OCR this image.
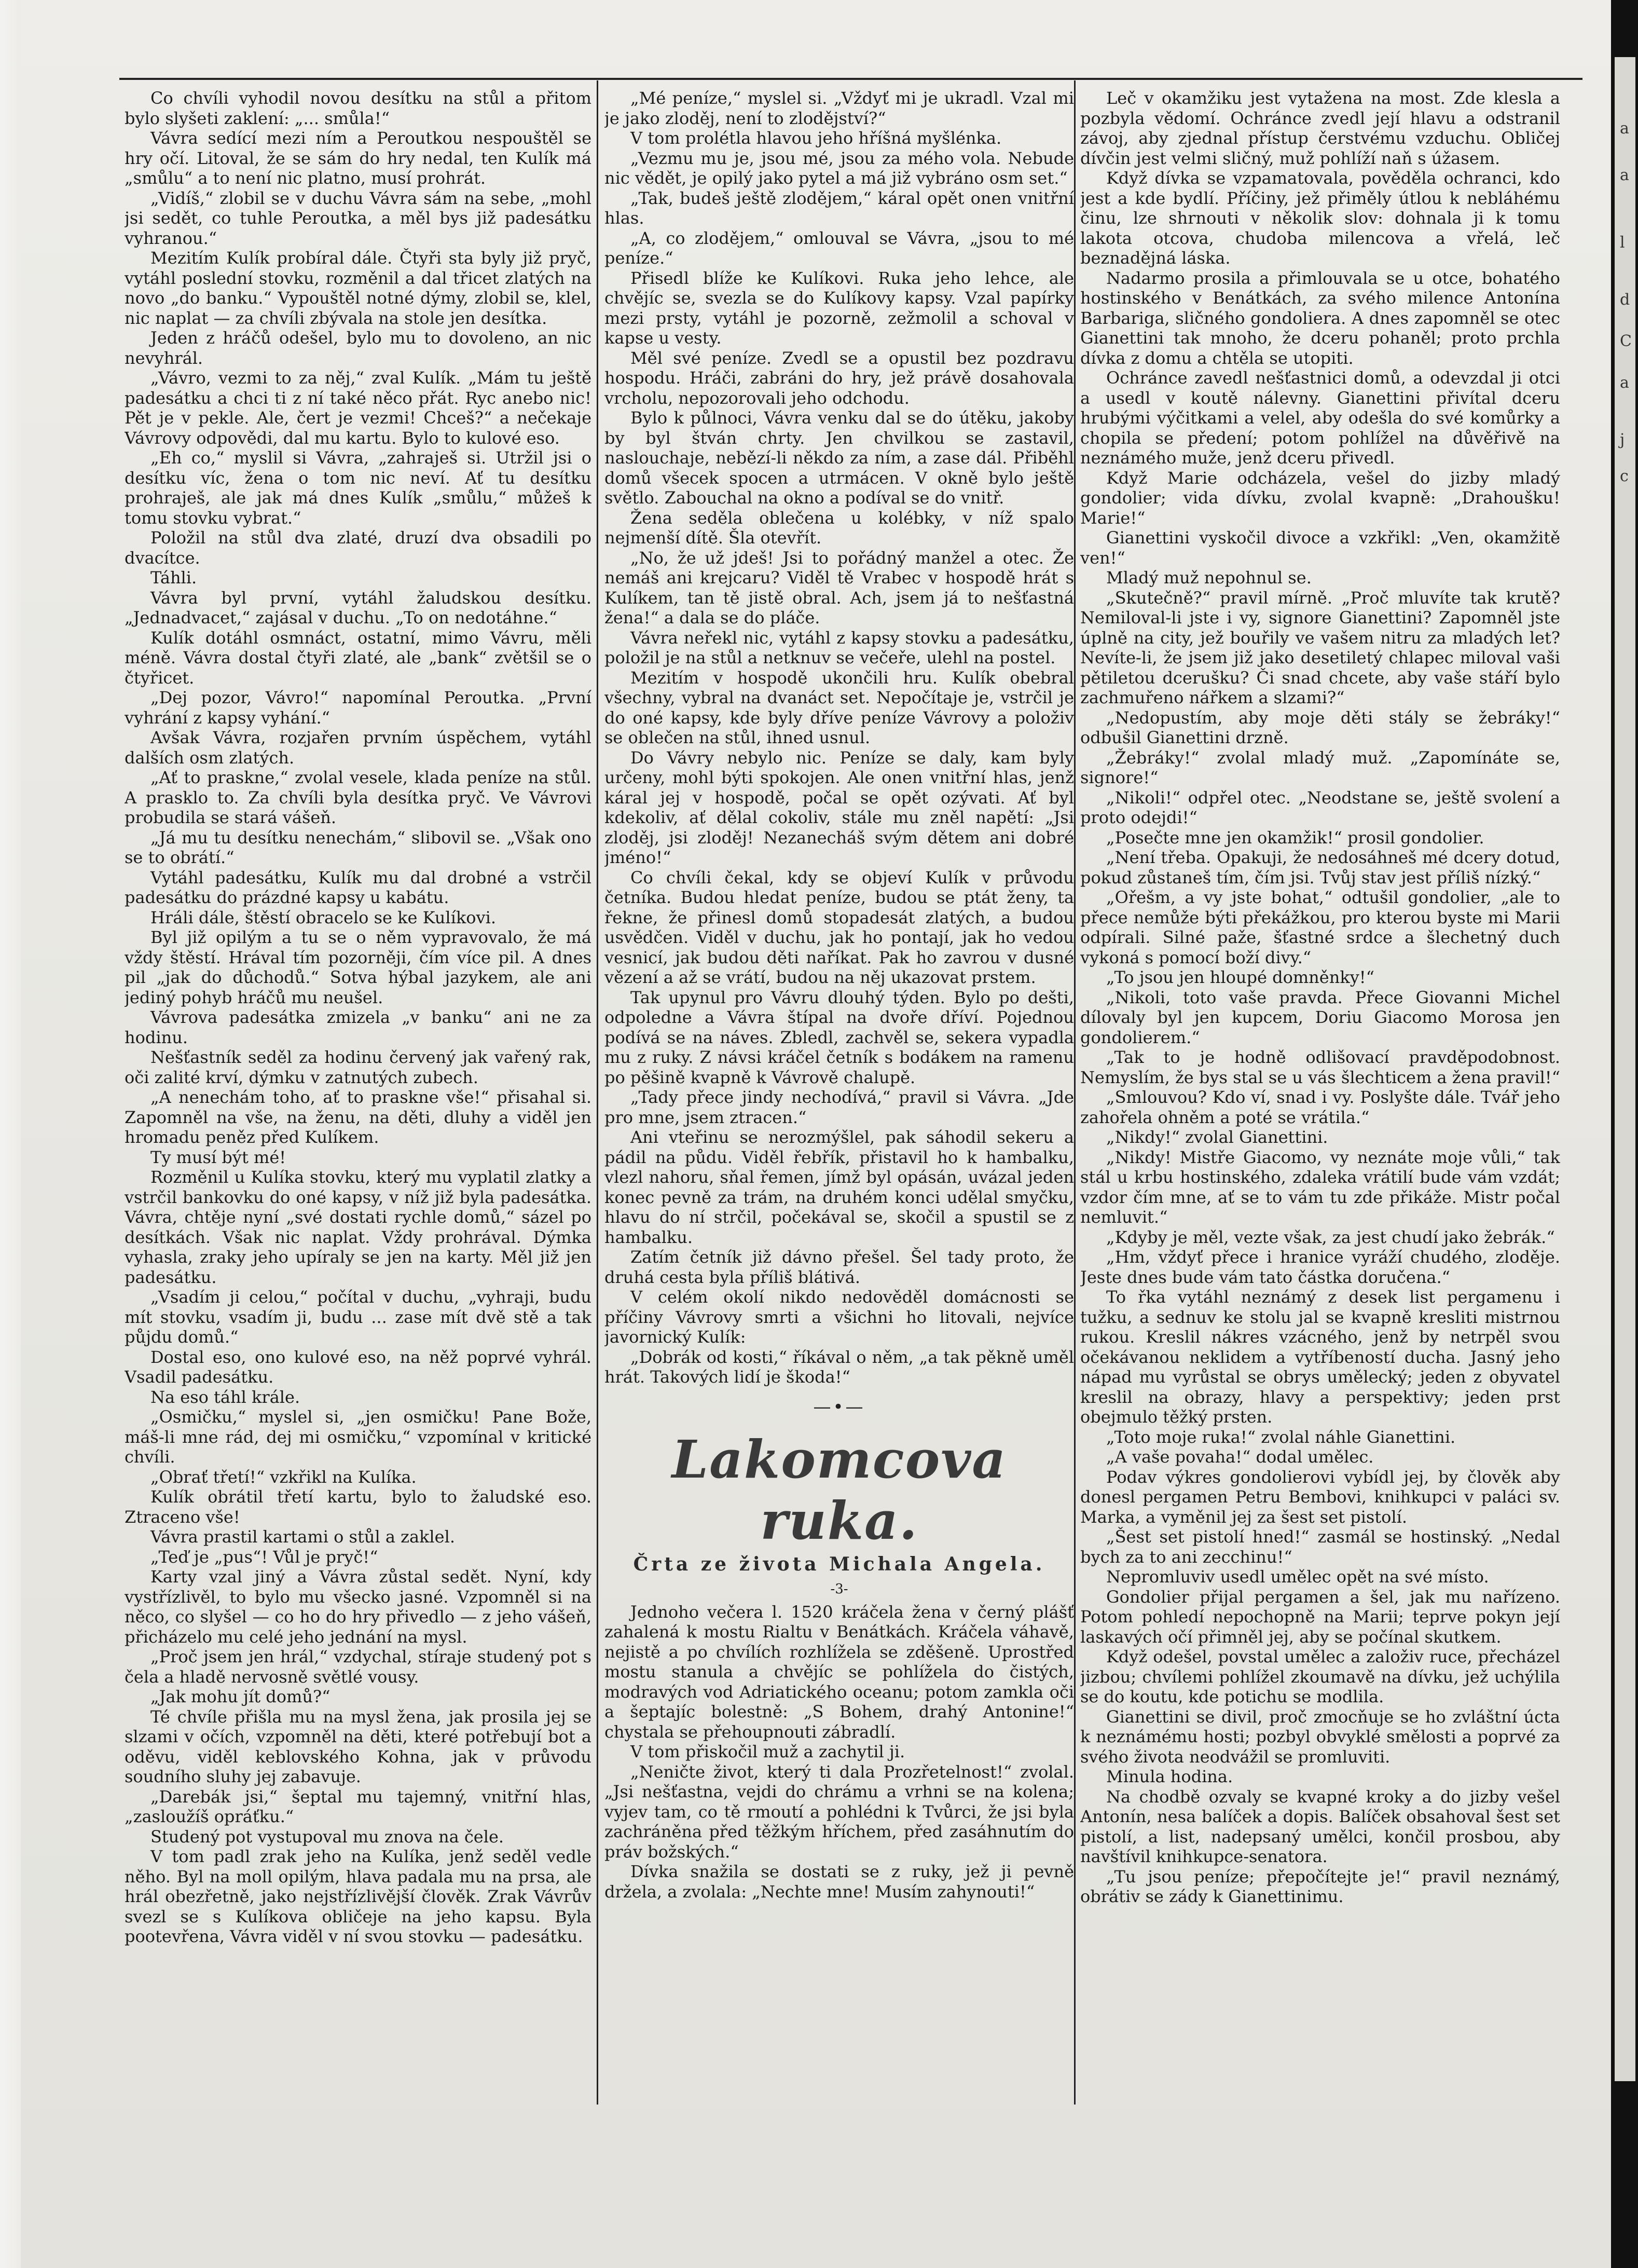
Co chvíli vyhodil novou desítku na stůl a přitom bylo slyšeti zaklení: „... smůla!“

Vávra sedící mezi ním a Peroutkou nespouštěl se hry očí. Litoval, že se sám do hry nedal, ten Kulík má „smůlu“ a to není nic platno, musí prohrát.

„Vidíš,“ zlobil se v duchu Vávra sám na sebe, „mohl jsi sedět, co tuhle Peroutka, a měl bys již padesátku vyhranou.“

Mezitím Kulík probíral dále. Čtyři sta byly již pryč, vytáhl poslední stovku, rozměnil a dal třicet zlatých na novo „do banku.“ Vypouštěl notné dýmy, zlobil se, klel, nic naplat — za chvíli zbývala na stole jen desítka.

Jeden z hráčů odešel, bylo mu to dovoleno, an nic nevyhrál.

„Vávro, vezmi to za něj,“ zval Kulík. „Mám tu ještě padesátku a chci ti z ní také něco přát. Ryc anebo nic! Pět je v pekle. Ale, čert je vezmi! Chceš?“ a nečekaje Vávrovy odpovědi, dal mu kartu. Bylo to kulové eso.

„Eh co,“ myslil si Vávra, „zahraješ si. Utržil jsi o desítku víc, žena o tom nic neví. Ať tu desítku prohraješ, ale jak má dnes Kulík „smůlu,“ můžeš k tomu stovku vybrat.“

Položil na stůl dva zlaté, druzí dva obsadili po dvacítce.

Táhli.

Vávra byl první, vytáhl žaludskou desítku. „Jednadvacet,“ zajásal v duchu. „To on nedotáhne.“

Kulík dotáhl osmnáct, ostatní, mimo Vávru, měli méně. Vávra dostal čtyři zlaté, ale „bank“ zvětšil se o čtyřicet.

„Dej pozor, Vávro!“ napomínal Peroutka. „První vyhrání z kapsy vyhání.“

Avšak Vávra, rozjařen prvním úspěchem, vytáhl dalších osm zlatých.

„Ať to praskne,“ zvolal vesele, klada peníze na stůl. A prasklo to. Za chvíli byla desítka pryč. Ve Vávrovi probudila se stará vášeň.

„Já mu tu desítku nenechám,“ slibovil se. „Však ono se to obrátí.“

Vytáhl padesátku, Kulík mu dal drobné a vstrčil padesátku do prázdné kapsy u kabátu.

Hráli dále, štěstí obracelo se ke Kulíkovi.

Byl již opilým a tu se o něm vypravovalo, že má vždy štěstí. Hrával tím pozorněji, čím více pil. A dnes pil „jak do důchodů.“ Sotva hýbal jazykem, ale ani jediný pohyb hráčů mu neušel.

Vávrova padesátka zmizela „v banku“ ani ne za hodinu.

Nešťastník seděl za hodinu červený jak vařený rak, oči zalité krví, dýmku v zatnutých zubech.

„A nenechám toho, ať to praskne vše!“ přisahal si. Zapomněl na vše, na ženu, na děti, dluhy a viděl jen hromadu peněz před Kulíkem.

Ty musí být mé!

Rozměnil u Kulíka stovku, který mu vyplatil zlatky a vstrčil bankovku do oné kapsy, v níž již byla padesátka. Vávra, chtěje nyní „své dostati rychle domů,“ sázel po desítkách. Však nic naplat. Vždy prohrával. Dýmka vyhasla, zraky jeho upíraly se jen na karty. Měl již jen padesátku.

„Vsadím ji celou,“ počítal v duchu, „vyhraji, budu mít stovku, vsadím ji, budu ... zase mít dvě stě a tak půjdu domů.“

Dostal eso, ono kulové eso, na něž poprvé vyhrál. Vsadil padesátku.

Na eso táhl krále.

„Osmičku,“ myslel si, „jen osmičku! Pane Bože, máš-li mne rád, dej mi osmičku,“ vzpomínal v kritické chvíli.

„Obrať třetí!“ vzkřikl na Kulíka.

Kulík obrátil třetí kartu, bylo to žaludské eso. Ztraceno vše!

Vávra prastil kartami o stůl a zaklel.

„Teď je „pus“! Vůl je pryč!“

Karty vzal jiný a Vávra zůstal sedět. Nyní, kdy vystřízlivěl, to bylo mu všecko jasné. Vzpomněl si na něco, co slyšel — co ho do hry přivedlo — z jeho vášeň, přicházelo mu celé jeho jednání na mysl.

„Proč jsem jen hrál,“ vzdychal, stíraje studený pot s čela a hladě nervosně světlé vousy.

„Jak mohu jít domů?“

Té chvíle přišla mu na mysl žena, jak prosila jej se slzami v očích, vzpomněl na děti, které potřebují bot a oděvu, viděl keblovského Kohna, jak v průvodu soudního sluhy jej zabavuje.

„Darebák jsi,“ šeptal mu tajemný, vnitřní hlas, „zasloužíš opráťku.“

Studený pot vystupoval mu znova na čele.

V tom padl zrak jeho na Kulíka, jenž seděl vedle něho. Byl na moll opilým, hlava padala mu na prsa, ale hrál obezřetně, jako nejstřízlivější člověk. Zrak Vávrův svezl se s Kulíkova obličeje na jeho kapsu. Byla pootevřena, Vávra viděl v ní svou stovku — padesátku.

„Mé peníze,“ myslel si. „Vždyť mi je ukradl. Vzal mi je jako zloděj, není to zlodějství?“

V tom prolétla hlavou jeho hříšná myšlénka.

„Vezmu mu je, jsou mé, jsou za mého vola. Nebude nic vědět, je opilý jako pytel a má již vybráno osm set.“

„Tak, budeš ještě zlodějem,“ káral opět onen vnitřní hlas.

„A, co zlodějem,“ omlouval se Vávra, „jsou to mé peníze.“

Přisedl blíže ke Kulíkovi. Ruka jeho lehce, ale chvějíc se, svezla se do Kulíkovy kapsy. Vzal papírky mezi prsty, vytáhl je pozorně, zežmolil a schoval v kapse u vesty.

Měl své peníze. Zvedl se a opustil bez pozdravu hospodu. Hráči, zabráni do hry, jež právě dosahovala vrcholu, nepozorovali jeho odchodu.

Bylo k půlnoci, Vávra venku dal se do útěku, jakoby by byl štván chrty. Jen chvilkou se zastavil, naslouchaje, nebězí-li někdo za ním, a zase dál. Přiběhl domů všecek spocen a utrmácen. V okně bylo ještě světlo. Zabouchal na okno a podíval se do vnitř.

Žena seděla oblečena u kolébky, v níž spalo nejmenší dítě. Šla otevřít.

„No, že už jdeš! Jsi to pořádný manžel a otec. Že nemáš ani krejcaru? Viděl tě Vrabec v hospodě hrát s Kulíkem, tan tě jistě obral. Ach, jsem já to nešťastná žena!“ a dala se do pláče.

Vávra neřekl nic, vytáhl z kapsy stovku a padesátku, položil je na stůl a netknuv se večeře, ulehl na postel.

Mezitím v hospodě ukončili hru. Kulík obebral všechny, vybral na dvanáct set. Nepočítaje je, vstrčil je do oné kapsy, kde byly dříve peníze Vávrovy a položiv se oblečen na stůl, ihned usnul.

Do Vávry nebylo nic. Peníze se daly, kam byly určeny, mohl býti spokojen. Ale onen vnitřní hlas, jenž káral jej v hospodě, počal se opět ozývati. Ať byl kdekoliv, ať dělal cokoliv, stále mu zněl napětí: „Jsi zloděj, jsi zloděj! Nezanecháš svým dětem ani dobré jméno!“

Co chvíli čekal, kdy se objeví Kulík v průvodu četníka. Budou hledat peníze, budou se ptát ženy, ta řekne, že přinesl domů stopadesát zlatých, a budou usvědčen. Viděl v duchu, jak ho pontají, jak ho vedou vesnicí, jak budou děti naříkat. Pak ho zavrou v dusné vězení a až se vrátí, budou na něj ukazovat prstem.

Tak upynul pro Vávru dlouhý týden. Bylo po dešti, odpoledne a Vávra štípal na dvoře dříví. Pojednou podívá se na náves. Zbledl, zachvěl se, sekera vypadla mu z ruky. Z návsi kráčel četník s bodákem na ramenu po pěšině kvapně k Vávrově chalupě.

„Tady přece jindy nechodívá,“ pravil si Vávra. „Jde pro mne, jsem ztracen.“

Ani vteřinu se nerozmýšlel, pak sáhodil sekeru a pádil na půdu. Viděl řebřík, přistavil ho k hambalku, vlezl nahoru, sňal řemen, jímž byl opásán, uvázal jeden konec pevně za trám, na druhém konci udělal smyčku, hlavu do ní strčil, počekával se, skočil a spustil se z hambalku.

Zatím četník již dávno přešel. Šel tady proto, že druhá cesta byla příliš blátivá.

V celém okolí nikdo nedověděl domácnosti se příčiny Vávrovy smrti a všichni ho litovali, nejvíce javornický Kulík:

„Dobrák od kosti,“ říkával o něm, „a tak pěkně uměl hrát. Takových lidí je škoda!“

—•—
Lakomcova ruka.
Črta ze života Michala Angela.
-3-

Jednoho večera l. 1520 kráčela žena v černý plášť zahalená k mostu Rialtu v Benátkách. Kráčela váhavě, nejistě a po chvílích rozhlížela se zděšeně. Uprostřed mostu stanula a chvějíc se pohlížela do čistých, modravých vod Adriatického oceanu; potom zamkla oči a šeptajíc bolestně: „S Bohem, drahý Antonine!“ chystala se přehoupnouti zábradlí.

V tom přiskočil muž a zachytil ji.

„Neničte život, který ti dala Prozřetelnost!“ zvolal. „Jsi nešťastna, vejdi do chrámu a vrhni se na kolena; vyjev tam, co tě rmoutí a pohlédni k Tvůrci, že jsi byla zachráněna před těžkým hříchem, před zasáhnutím do práv božských.“

Dívka snažila se dostati se z ruky, jež ji pevně držela, a zvolala: „Nechte mne! Musím zahynouti!“

Leč v okamžiku jest vytažena na most. Zde klesla a pozbyla vědomí. Ochránce zvedl její hlavu a odstranil závoj, aby zjednal přístup čerstvému vzduchu. Obličej dívčin jest velmi sličný, muž pohlíží naň s úžasem.

Když dívka se vzpamatovala, pověděla ochranci, kdo jest a kde bydlí. Příčiny, jež přiměly útlou k nebláhému činu, lze shrnouti v několik slov: dohnala ji k tomu lakota otcova, chudoba milencova a vřelá, leč beznadějná láska.

Nadarmo prosila a přimlouvala se u otce, bohatého hostinského v Benátkách, za svého milence Antonína Barbariga, sličného gondoliera. A dnes zapomněl se otec Gianettini tak mnoho, že dceru pohaněl; proto prchla dívka z domu a chtěla se utopiti.

Ochránce zavedl nešťastnici domů, a odevzdal ji otci a usedl v koutě nálevny. Gianettini přivítal dceru hrubými výčitkami a velel, aby odešla do své komůrky a chopila se předení; potom pohlížel na důvěřivě na neznámého muže, jenž dceru přivedl.

Když Marie odcházela, vešel do jizby mladý gondolier; vida dívku, zvolal kvapně: „Drahoušku! Marie!“

Gianettini vyskočil divoce a vzkřikl: „Ven, okamžitě ven!“

Mladý muž nepohnul se.

„Skutečně?“ pravil mírně. „Proč mluvíte tak krutě? Nemiloval-li jste i vy, signore Gianettini? Zapomněl jste úplně na city, jež bouřily ve vašem nitru za mladých let? Nevíte-li, že jsem již jako desetiletý chlapec miloval vaši pětiletou dcerušku? Či snad chcete, aby vaše stáří bylo zachmuřeno nářkem a slzami?“

„Nedopustím, aby moje děti stály se žebráky!“ odbušil Gianettini drzně.

„Žebráky!“ zvolal mladý muž. „Zapomínáte se, signore!“

„Nikoli!“ odpřel otec. „Neodstane se, ještě svolení a proto odejdi!“

„Posečte mne jen okamžik!“ prosil gondolier.

„Není třeba. Opakuji, že nedosáhneš mé dcery dotud, pokud zůstaneš tím, čím jsi. Tvůj stav jest příliš nízký.“

„Ořešm, a vy jste bohat,“ odtušil gondolier, „ale to přece nemůže býti překážkou, pro kterou byste mi Marii odpírali. Silné paže, šťastné srdce a šlechetný duch vykoná s pomocí boží divy.“

„To jsou jen hloupé domněnky!“

„Nikoli, toto vaše pravda. Přece Giovanni Michel dílovaly byl jen kupcem, Doriu Giacomo Morosa jen gondolierem.“

„Tak to je hodně odlišovací pravděpodobnost. Nemyslím, že bys stal se u vás šlechticem a žena pravil!“

„Smlouvou? Kdo ví, snad i vy. Poslyšte dále. Tvář jeho zahořela ohněm a poté se vrátila.“

„Nikdy!“ zvolal Gianettini.

„Nikdy! Mistře Giacomo, vy neznáte moje vůli,“ tak stál u krbu hostinského, zdaleka vrátilí bude vám vzdát; vzdor čím mne, ať se to vám tu zde přikáže. Mistr počal nemluvit.“

„Kdyby je měl, vezte však, za jest chudí jako žebrák.“

„Hm, vždyť přece i hranice vyráží chudého, zloděje. Jeste dnes bude vám tato částka doručena.“

To řka vytáhl neznámý z desek list pergamenu i tužku, a sednuv ke stolu jal se kvapně kresliti mistrnou rukou. Kreslil nákres vzácného, jenž by netrpěl svou očekávanou neklidem a vytříbeností ducha. Jasný jeho nápad mu vyrůstal se obrys umělecký; jeden z obyvatel kreslil na obrazy, hlavy a perspektivy; jeden prst obejmulo těžký prsten.

„Toto moje ruka!“ zvolal náhle Gianettini.

„A vaše povaha!“ dodal umělec.

Podav výkres gondolierovi vybídl jej, by člověk aby donesl pergamen Petru Bembovi, knihkupci v paláci sv. Marka, a vyměnil jej za šest set pistolí.

„Šest set pistolí hned!“ zasmál se hostinský. „Nedal bych za to ani zecchinu!“

Nepromluviv usedl umělec opět na své místo.

Gondolier přijal pergamen a šel, jak mu nařízeno. Potom pohledí nepochopně na Marii; teprve pokyn její laskavých očí přimněl jej, aby se počínal skutkem.

Když odešel, povstal umělec a založiv ruce, přecházel jizbou; chvílemi pohlížel zkoumavě na dívku, jež uchýlila se do koutu, kde potichu se modlila.

Gianettini se divil, proč zmocňuje se ho zvláštní úcta k neznámému hosti; pozbyl obvyklé smělosti a poprvé za svého života neodvážil se promluviti.

Minula hodina.

Na chodbě ozvaly se kvapné kroky a do jizby vešel Antonín, nesa balíček a dopis. Balíček obsahoval šest set pistolí, a list, nadepsaný umělci, končil prosbou, aby navštívil knihkupce-senatora.

„Tu jsou peníze; přepočítejte je!“ pravil neznámý, obrátiv se zády k Gianettinimu.

a
a
l
d
C
a
j
c
